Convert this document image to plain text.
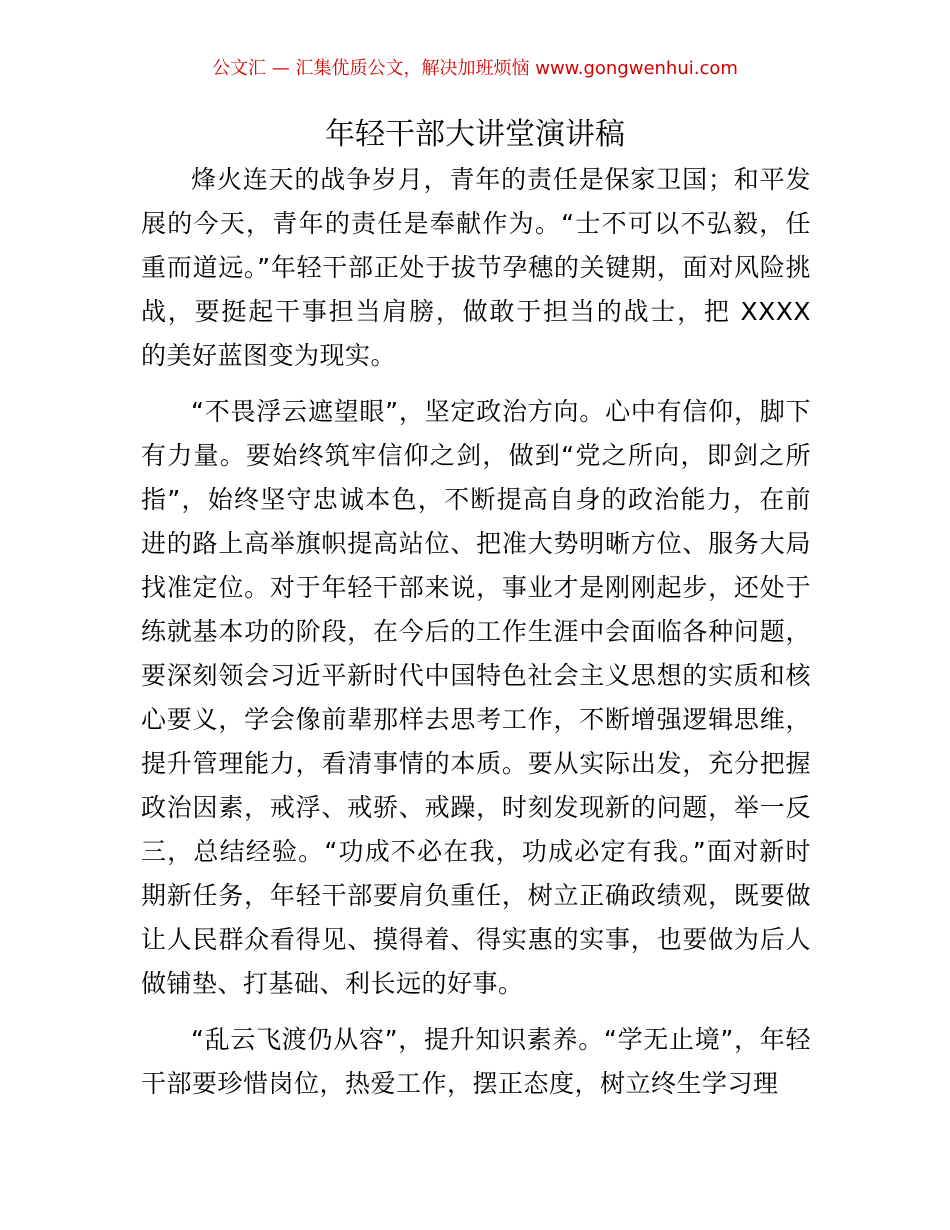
公文汇 — 汇集优质公文，解决加班烦恼 www.gongwenhui.com
年轻干部大讲堂演讲稿

烽火连天的战争岁月，青年的责任是保家卫国；和平发展的今天，青年的责任是奉献作为。“士不可以不弘毅，任重而道远。”年轻干部正处于拔节孕穗的关键期，面对风险挑战，要挺起干事担当肩膀，做敢于担当的战士，把 XXXX 的美好蓝图变为现实。

“不畏浮云遮望眼”，坚定政治方向。心中有信仰，脚下有力量。要始终筑牢信仰之剑，做到“党之所向，即剑之所指”，始终坚守忠诚本色，不断提高自身的政治能力，在前进的路上高举旗帜提高站位、把准大势明晰方位、服务大局找准定位。对于年轻干部来说，事业才是刚刚起步，还处于练就基本功的阶段，在今后的工作生涯中会面临各种问题，要深刻领会习近平新时代中国特色社会主义思想的实质和核心要义，学会像前辈那样去思考工作，不断增强逻辑思维，提升管理能力，看清事情的本质。要从实际出发，充分把握政治因素，戒浮、戒骄、戒躁，时刻发现新的问题，举一反三，总结经验。“功成不必在我，功成必定有我。”面对新时期新任务，年轻干部要肩负重任，树立正确政绩观，既要做让人民群众看得见、摸得着、得实惠的实事，也要做为后人做铺垫、打基础、利长远的好事。

“乱云飞渡仍从容”，提升知识素养。“学无止境”，年轻干部要珍惜岗位，热爱工作，摆正态度，树立终生学习理
